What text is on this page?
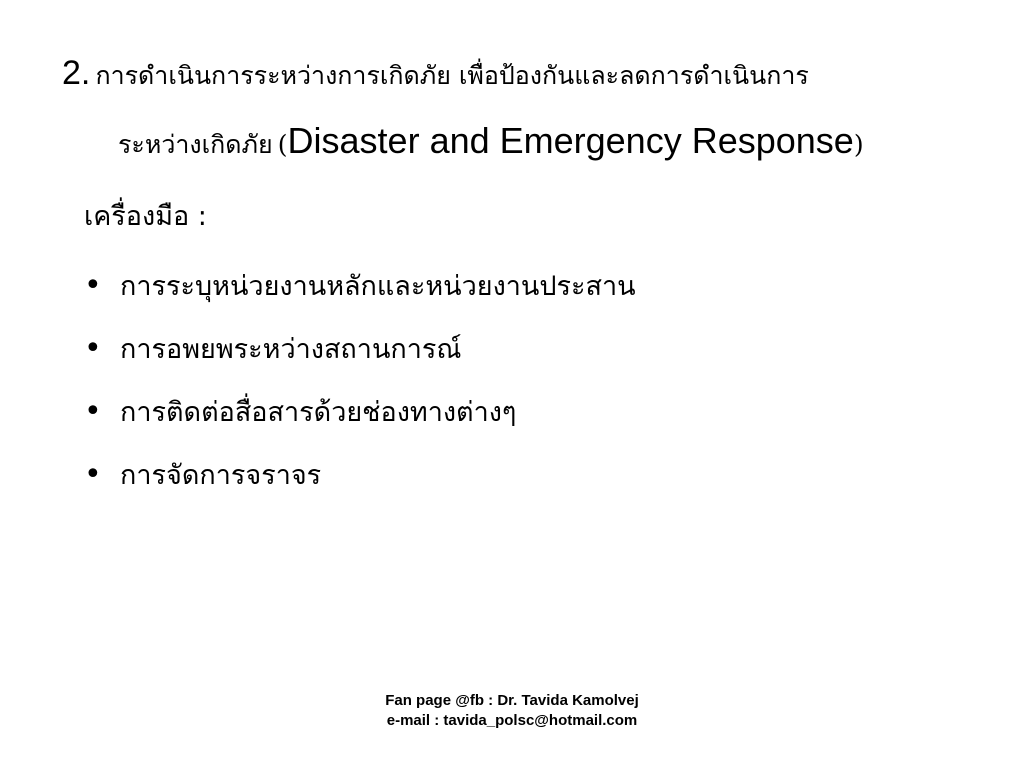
2. การดำเนินการระหว่างการเกิดภัย เพื่อป้องกันและลดการดำเนินการ
ระหว่างเกิดภัย (Disaster and Emergency Response)
เครื่องมือ :
• การระบุหน่วยงานหลักและหน่วยงานประสาน
• การอพยพระหว่างสถานการณ์
• การติดต่อสื่อสารด้วยช่องทางต่างๆ
• การจัดการจราจร
Fan page @fb : Dr. Tavida Kamolvej
e-mail : tavida_polsc@hotmail.com
